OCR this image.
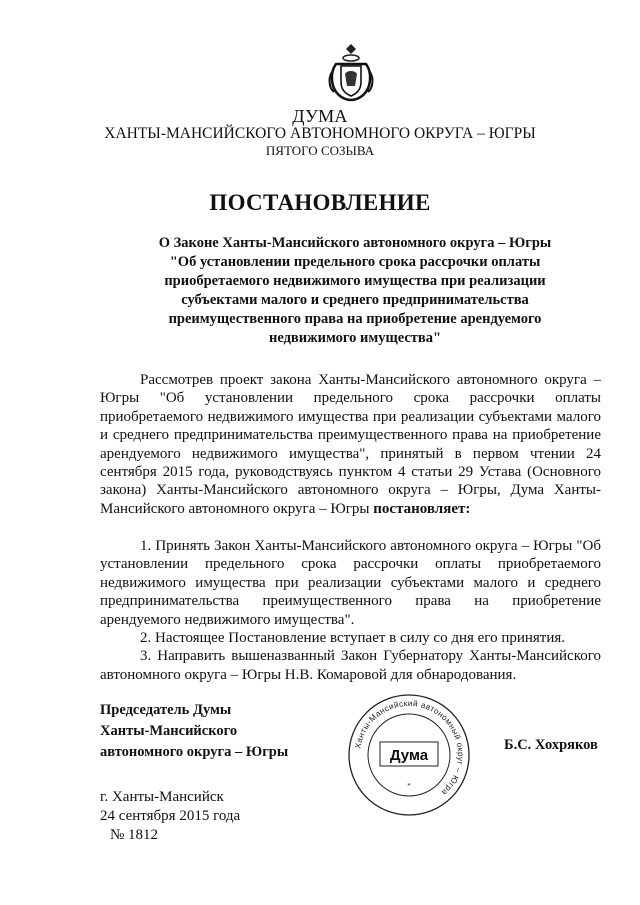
ДУМА
ХАНТЫ-МАНСИЙСКОГО АВТОНОМНОГО ОКРУГА – ЮГРЫ
ПЯТОГО СОЗЫВА
ПОСТАНОВЛЕНИЕ
О Законе Ханты-Мансийского автономного округа – Югры
"Об установлении предельного срока рассрочки оплаты
приобретаемого недвижимого имущества при реализации
субъектами малого и среднего предпринимательства
преимущественного права на приобретение арендуемого
недвижимого имущества"

Рассмотрев проект закона Ханты-Мансийского автономного округа – Югры "Об установлении предельного срока рассрочки оплаты приобретаемого недвижимого имущества при реализации субъектами малого и среднего предпринимательства преимущественного права на приобретение арендуемого недвижимого имущества", принятый в первом чтении 24 сентября 2015 года, руководствуясь пунктом 4 статьи 29 Устава (Основного закона) Ханты-Мансийского автономного округа – Югры, Дума Ханты-Мансийского автономного округа – Югры постановляет:

1. Принять Закон Ханты-Мансийского автономного округа – Югры "Об установлении предельного срока рассрочки оплаты приобретаемого недвижимого имущества при реализации субъектами малого и среднего предпринимательства преимущественного права на приобретение арендуемого недвижимого имущества".

2. Настоящее Постановление вступает в силу со дня его принятия.

3. Направить вышеназванный Закон Губернатору Ханты-Мансийского автономного округа – Югры Н.В. Комаровой для обнародования.

Председатель Думы
Ханты-Мансийского
автономного округа – Югры	Ханты-Мансийский автономный округ – Югра
Дума
*
Б.С. Хохряков
г. Ханты-Мансийск
24 сентября 2015 года
№ 1812
